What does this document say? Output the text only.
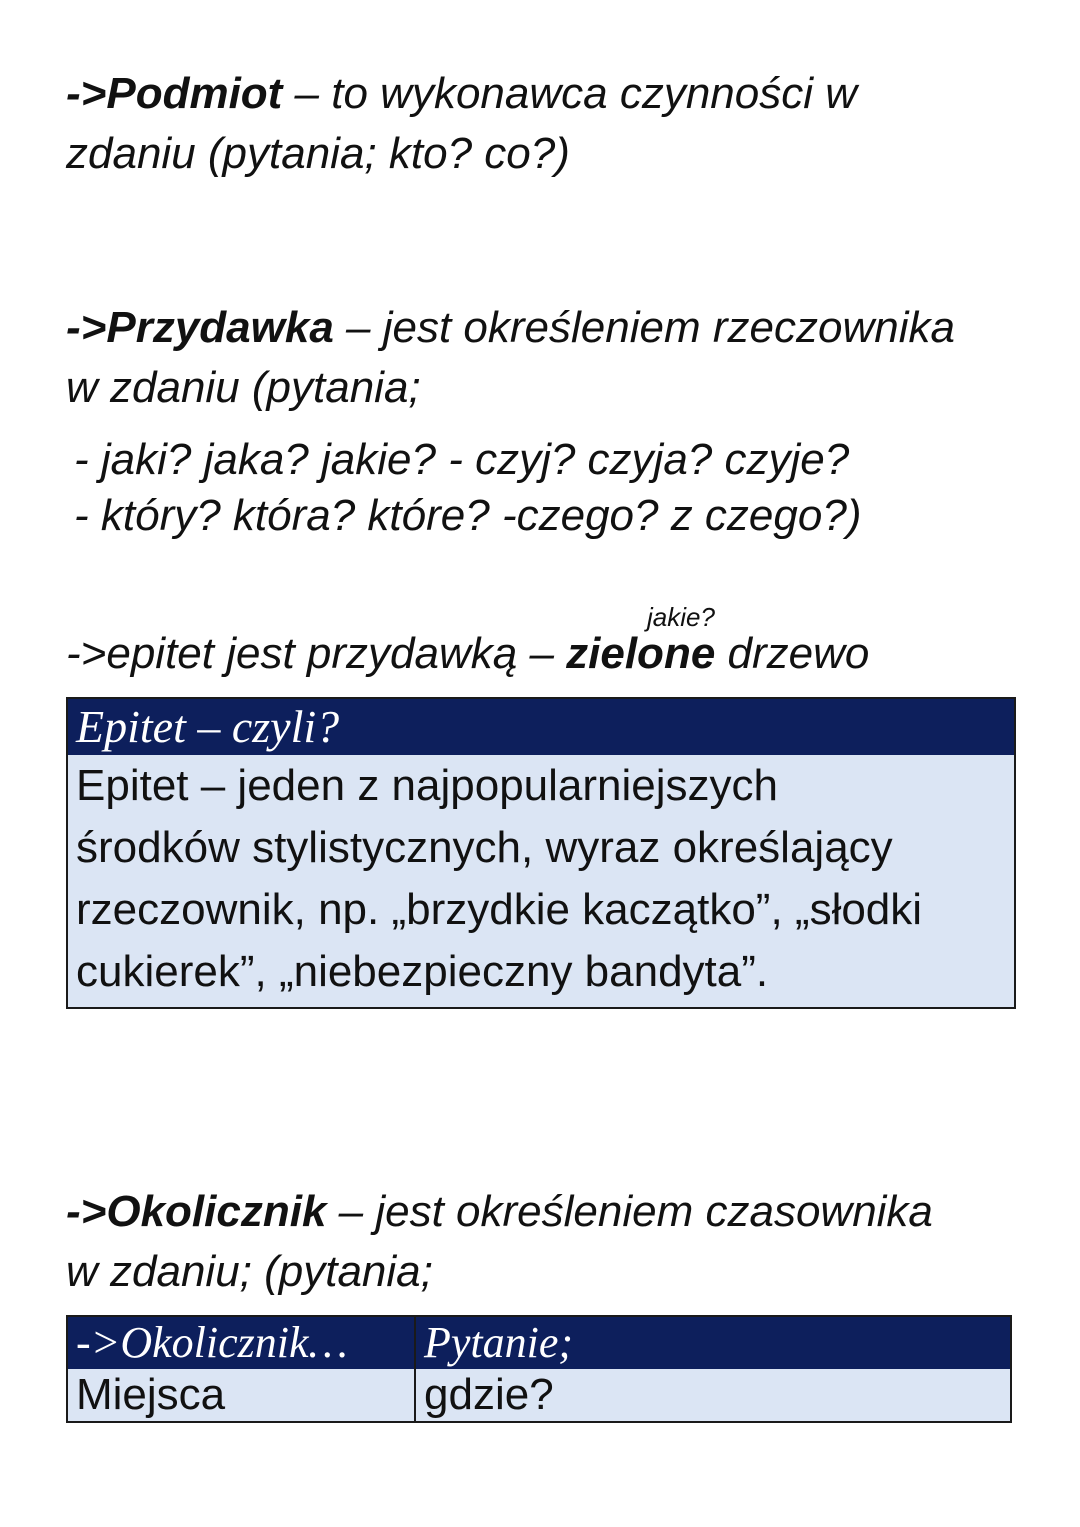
->Podmiot – to wykonawca czynności w
zdaniu (pytania; kto? co?)
->Przydawka – jest określeniem rzeczownika
w zdaniu (pytania;
- jaki? jaka? jakie? - czyj? czyja? czyje?
- który? która? które? -czego? z czego?)
jakie?
->epitet jest przydawką – zielone drzewo
Epitet – czyli?
Epitet – jeden z najpopularniejszych
środków stylistycznych, wyraz określający
rzeczownik, np. „brzydkie kaczątko”, „słodki
cukierek”, „niebezpieczny bandyta”.
->Okolicznik – jest określeniem czasownika
w zdaniu; (pytania;
->Okolicznik…	Pytanie;
Miejsca	gdzie?
